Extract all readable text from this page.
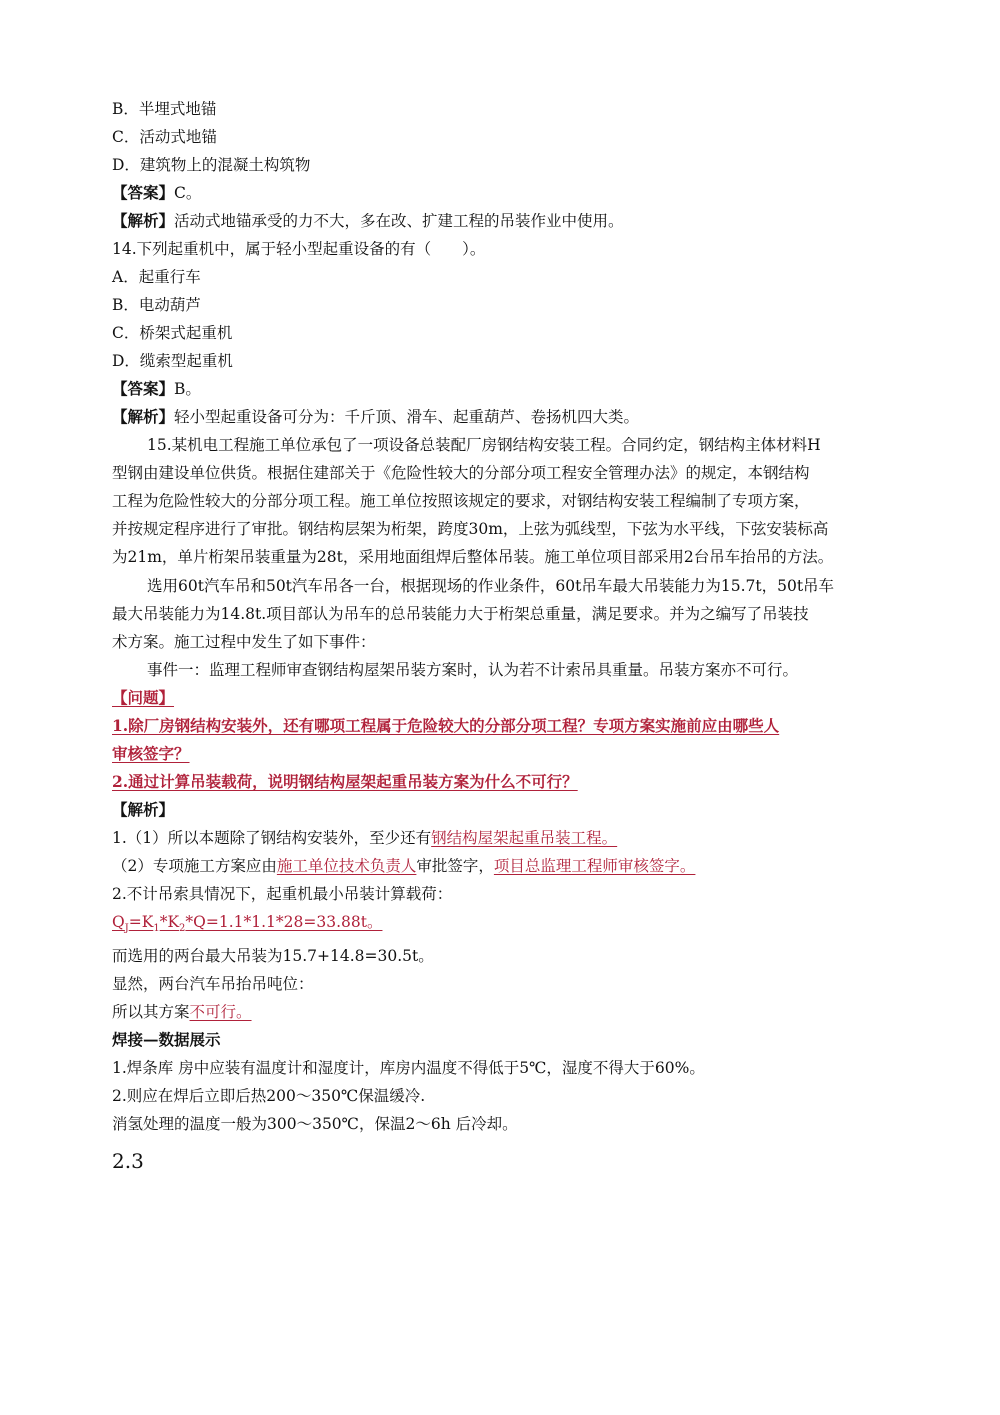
B．半埋式地锚
C．活动式地锚
D．建筑物上的混凝土构筑物
【答案】C。
【解析】活动式地锚承受的力不大，多在改、扩建工程的吊装作业中使用。
14.下列起重机中，属于轻小型起重设备的有（　　）。
A．起重行车
B．电动葫芦
C．桥架式起重机
D．缆索型起重机
【答案】B。
【解析】轻小型起重设备可分为：千斤顶、滑车、起重葫芦、卷扬机四大类。
15.某机电工程施工单位承包了一项设备总装配厂房钢结构安装工程。合同约定，钢结构主体材料H
型钢由建设单位供货。根据住建部关于《危险性较大的分部分项工程安全管理办法》的规定，本钢结构
工程为危险性较大的分部分项工程。施工单位按照该规定的要求，对钢结构安装工程编制了专项方案，
并按规定程序进行了审批。钢结构层架为桁架，跨度30m，上弦为弧线型，下弦为水平线，下弦安装标高
为21m，单片桁架吊装重量为28t，采用地面组焊后整体吊装。施工单位项目部采用2台吊车抬吊的方法。
选用60t汽车吊和50t汽车吊各一台，根据现场的作业条件，60t吊车最大吊装能力为15.7t，50t吊车
最大吊装能力为14.8t.项目部认为吊车的总吊装能力大于桁架总重量，满足要求。并为之编写了吊装技
术方案。施工过程中发生了如下事件：
事件一：监理工程师审查钢结构屋架吊装方案时，认为若不计索吊具重量。吊装方案亦不可行。
【问题】
1.除厂房钢结构安装外，还有哪项工程属于危险较大的分部分项工程？专项方案实施前应由哪些人
审核签字？
2.通过计算吊装载荷，说明钢结构屋架起重吊装方案为什么不可行？
【解析】
1.（1）所以本题除了钢结构安装外，至少还有钢结构屋架起重吊装工程。
（2）专项施工方案应由施工单位技术负责人审批签字，项目总监理工程师审核签字。
2.不计吊索具情况下，起重机最小吊装计算载荷：
$Q_J=K_1*K_2*Q=1.1*1.1*28=33.88t$。
而选用的两台最大吊装为15.7+14.8=30.5t。
显然，两台汽车吊抬吊吨位：
所以其方案不可行。
焊接—数据展示
1.焊条库 房中应装有温度计和湿度计，库房内温度不得低于5℃，湿度不得大于60%。
2.则应在焊后立即后热200～350℃保温缓冷.
消氢处理的温度一般为300～350℃，保温2～6h 后冷却。
2.3
